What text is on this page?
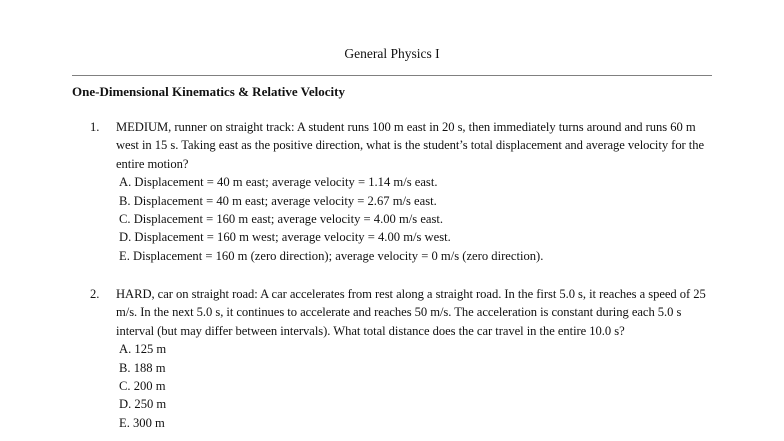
General Physics I
One-Dimensional Kinematics & Relative Velocity
1.	MEDIUM, runner on straight track: A student runs 100 m east in 20 s, then immediately turns around and runs 60 m west in 15 s. Taking east as the positive direction, what is the student’s total displacement and average velocity for the entire motion?
A. Displacement = 40 m east; average velocity = 1.14 m/s east.
B. Displacement = 40 m east; average velocity = 2.67 m/s east.
C. Displacement = 160 m east; average velocity = 4.00 m/s east.
D. Displacement = 160 m west; average velocity = 4.00 m/s west.
E. Displacement = 160 m (zero direction); average velocity = 0 m/s (zero direction).
2.	HARD, car on straight road: A car accelerates from rest along a straight road. In the first 5.0 s, it reaches a speed of 25 m/s. In the next 5.0 s, it continues to accelerate and reaches 50 m/s. The acceleration is constant during each 5.0 s interval (but may differ between intervals). What total distance does the car travel in the entire 10.0 s?
A. 125 m
B. 188 m
C. 200 m
D. 250 m
E. 300 m
